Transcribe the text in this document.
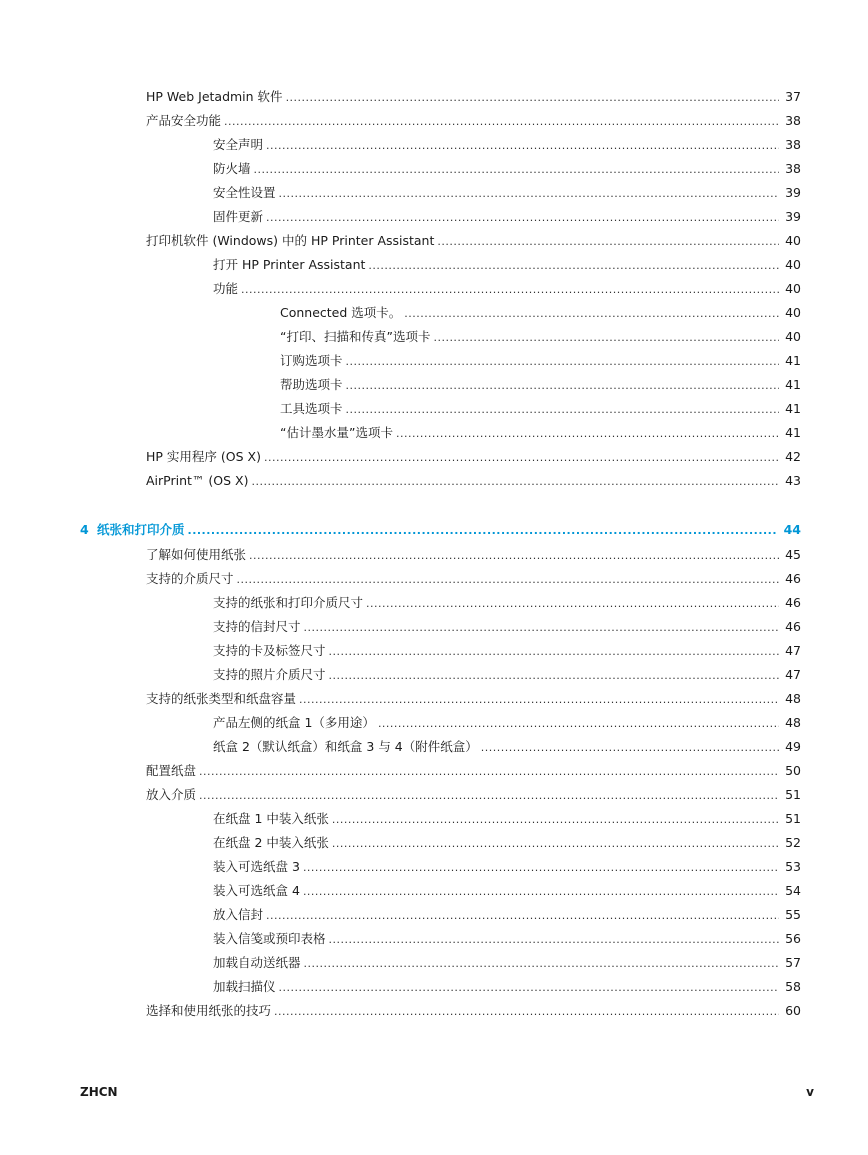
HP Web Jetadmin 软件 .....	37
产品安全功能 .....	38
安全声明 .....	38
防火墙 .....	38
安全性设置 .....	39
固件更新 .....	39
打印机软件 (Windows) 中的 HP Printer Assistant .....	40
打开 HP Printer Assistant .....	40
功能 .....	40
Connected 选项卡。 .....	40
“打印、扫描和传真”选项卡 .....	40
订购选项卡 .....	41
帮助选项卡 .....	41
工具选项卡 .....	41
“估计墨水量”选项卡 .....	41
HP 实用程序 (OS X) .....	42
AirPrint™ (OS X) .....	43
4 纸张和打印介质 .....	44
了解如何使用纸张 .....	45
支持的介质尺寸 .....	46
支持的纸张和打印介质尺寸 .....	46
支持的信封尺寸 .....	46
支持的卡及标签尺寸 .....	47
支持的照片介质尺寸 .....	47
支持的纸张类型和纸盘容量 .....	48
产品左侧的纸盒 1（多用途） .....	48
纸盒 2（默认纸盒）和纸盒 3 与 4（附件纸盒） .....	49
配置纸盘 .....	50
放入介质 .....	51
在纸盘 1 中装入纸张 .....	51
在纸盘 2 中装入纸张 .....	52
装入可选纸盘 3 .....	53
装入可选纸盒 4 .....	54
放入信封 .....	55
装入信笺或预印表格 .....	56
加载自动送纸器 .....	57
加载扫描仪 .....	58
选择和使用纸张的技巧 .....	60
ZHCN	v
